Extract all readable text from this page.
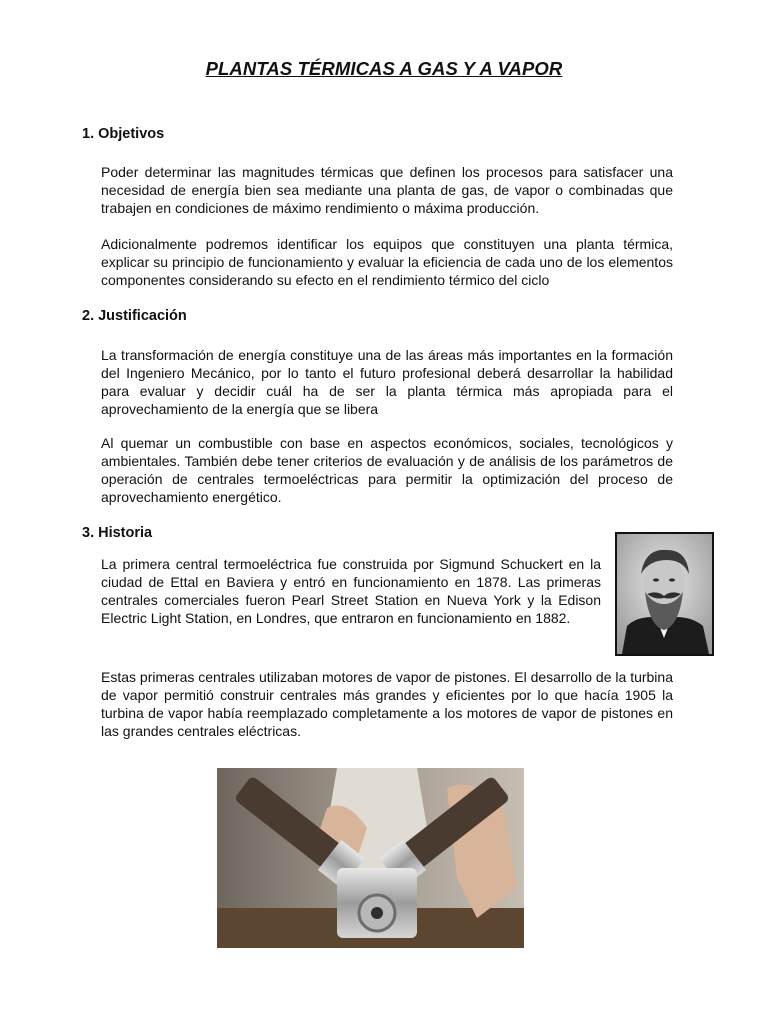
PLANTAS TÉRMICAS A GAS Y A VAPOR
1. Objetivos
Poder determinar las magnitudes térmicas que definen los procesos para satisfacer una necesidad de energía bien sea mediante una planta de gas, de vapor o combinadas que trabajen en condiciones de máximo rendimiento o máxima producción.
Adicionalmente podremos identificar los equipos que constituyen una planta térmica, explicar su principio de funcionamiento y evaluar la eficiencia de cada uno de los elementos componentes considerando su efecto en el rendimiento térmico del ciclo
2. Justificación
La transformación de energía constituye una de las áreas más importantes en la formación del Ingeniero Mecánico, por lo tanto el futuro profesional deberá desarrollar la habilidad para evaluar y decidir cuál ha de ser la planta térmica más apropiada para el aprovechamiento de la energía que se libera
Al quemar un combustible con base en aspectos económicos, sociales, tecnológicos y ambientales. También debe tener criterios de evaluación y de análisis de los parámetros de operación de centrales termoeléctricas para permitir la optimización del proceso de aprovechamiento energético.
3. Historia
La primera central termoeléctrica fue construida por Sigmund Schuckert en la ciudad de Ettal en Baviera y entró en funcionamiento en 1878. Las primeras centrales comerciales fueron Pearl Street Station en Nueva York y la Edison Electric Light Station, en Londres, que entraron en funcionamiento en 1882.
Estas primeras centrales utilizaban motores de vapor de pistones. El desarrollo de la turbina de vapor permitió construir centrales más grandes y eficientes por lo que hacía 1905 la turbina de vapor había reemplazado completamente a los motores de vapor de pistones en las grandes centrales eléctricas.
